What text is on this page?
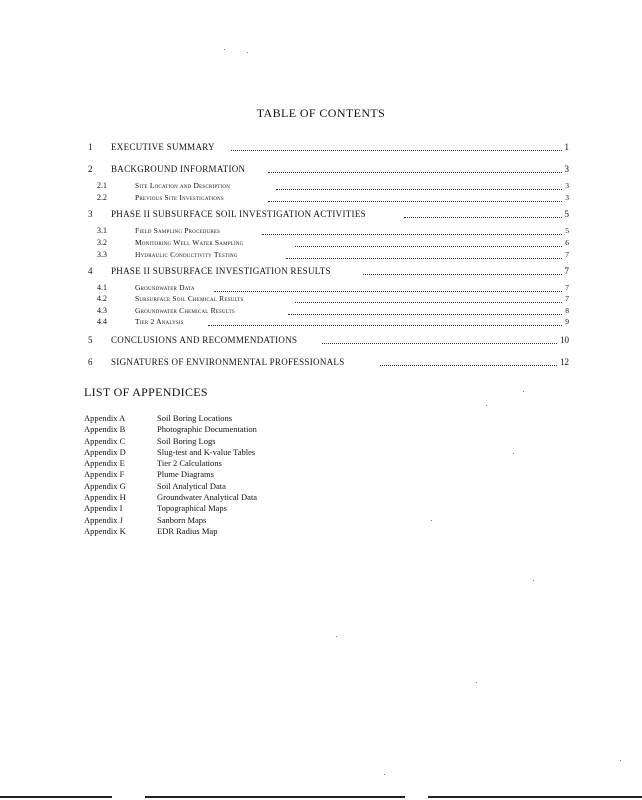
TABLE OF CONTENTS
1 EXECUTIVE SUMMARY	1
2 BACKGROUND INFORMATION	3
2.1	Site Location and Description	3
2.2	Previous Site Investigations	3
3 PHASE II SUBSURFACE SOIL INVESTIGATION ACTIVITIES	5
3.1	Field Sampling Procedures	5
3.2	Monitoring Well Water Sampling	6
3.3	Hydraulic Conductivity Testing	7
4 PHASE II SUBSURFACE INVESTIGATION RESULTS	7
4.1	Groundwater Data	7
4.2	Subsurface Soil Chemical Results	7
4.3	Groundwater Chemical Results	8
4.4	Tier 2 Analysis	9
5 CONCLUSIONS AND RECOMMENDATIONS	10
6 SIGNATURES OF ENVIRONMENTAL PROFESSIONALS	12
LIST OF APPENDICES
Appendix A	Soil Boring Locations
Appendix B	Photographic Documentation
Appendix C	Soil Boring Logs
Appendix D	Slug-test and K-value Tables
Appendix E	Tier 2 Calculations
Appendix F	Plume Diagrams
Appendix G	Soil Analytical Data
Appendix H	Groundwater Analytical Data
Appendix I	Topographical Maps
Appendix J	Sanborn Maps
Appendix K	EDR Radius Map
